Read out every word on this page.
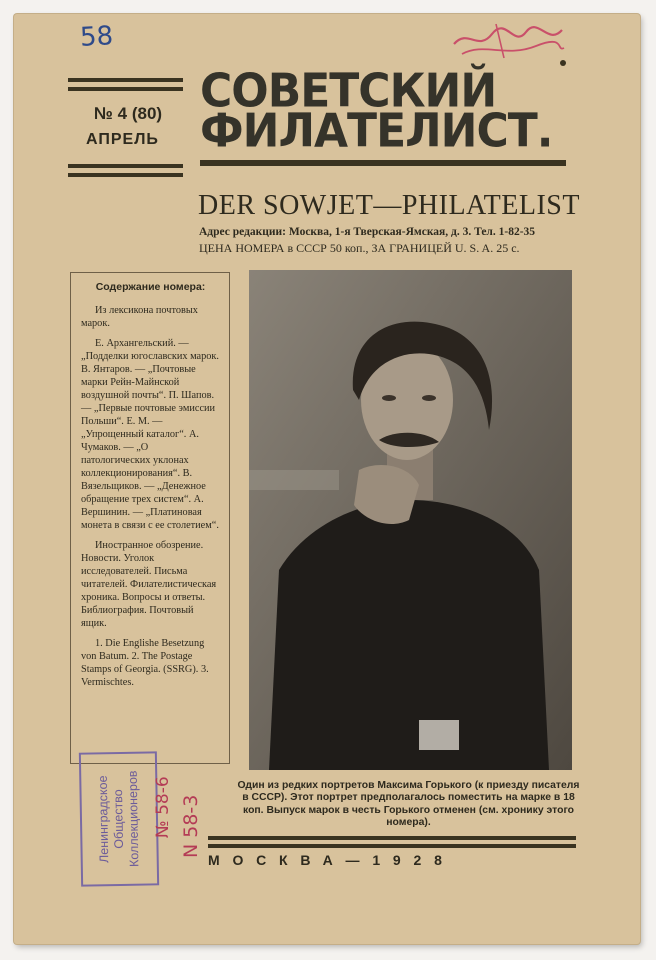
58
№ 4 (80)
АПРЕЛЬ
СОВЕТСКИЙ
ФИЛАТЕЛИСТ.
DER SOWJET—PHILATELIST
Адрес редакции: Москва, 1-я Тверская-Ямская, д. 3. Тел. 1-82-35
ЦЕНА НОМЕРА в СССР 50 коп., ЗА ГРАНИЦЕЙ U. S. A. 25 c.
Содержание номера:

Из лексикона почтовых марок.

Е. Архангельский. — „Подделки югославских марок. В. Янтаров. — „Почтовые марки Рейн-Майнской воздушной почты“. П. Шапов. — „Первые почтовые эмиссии Польши“. Е. М. — „Упрощенный каталог“. А. Чумаков. — „О патологических уклонах коллекционирования“. В. Вязельщиков. — „Денежное обращение трех систем“. А. Вершинин. — „Платиновая монета в связи с ее столетием“.

Иностранное обозрение. Новости. Уголок исследователей. Письма читателей. Филателистическая хроника. Вопросы и ответы. Библиография. Почтовый ящик.

1. Die Englishe Besetzung von Batum. 2. The Postage Stamps of Georgia. (SSRG). 3. Vermischtes.

Один из редких портретов Максима Горького (к приезду писателя в СССР). Этот портрет предполагалось поместить на марке в 18 коп. Выпуск марок в честь Горького отменен (см. хронику этого номера).
МОСКВА—1928
Ленинградское Общество Коллекционеров № 58-6 N 58-3
